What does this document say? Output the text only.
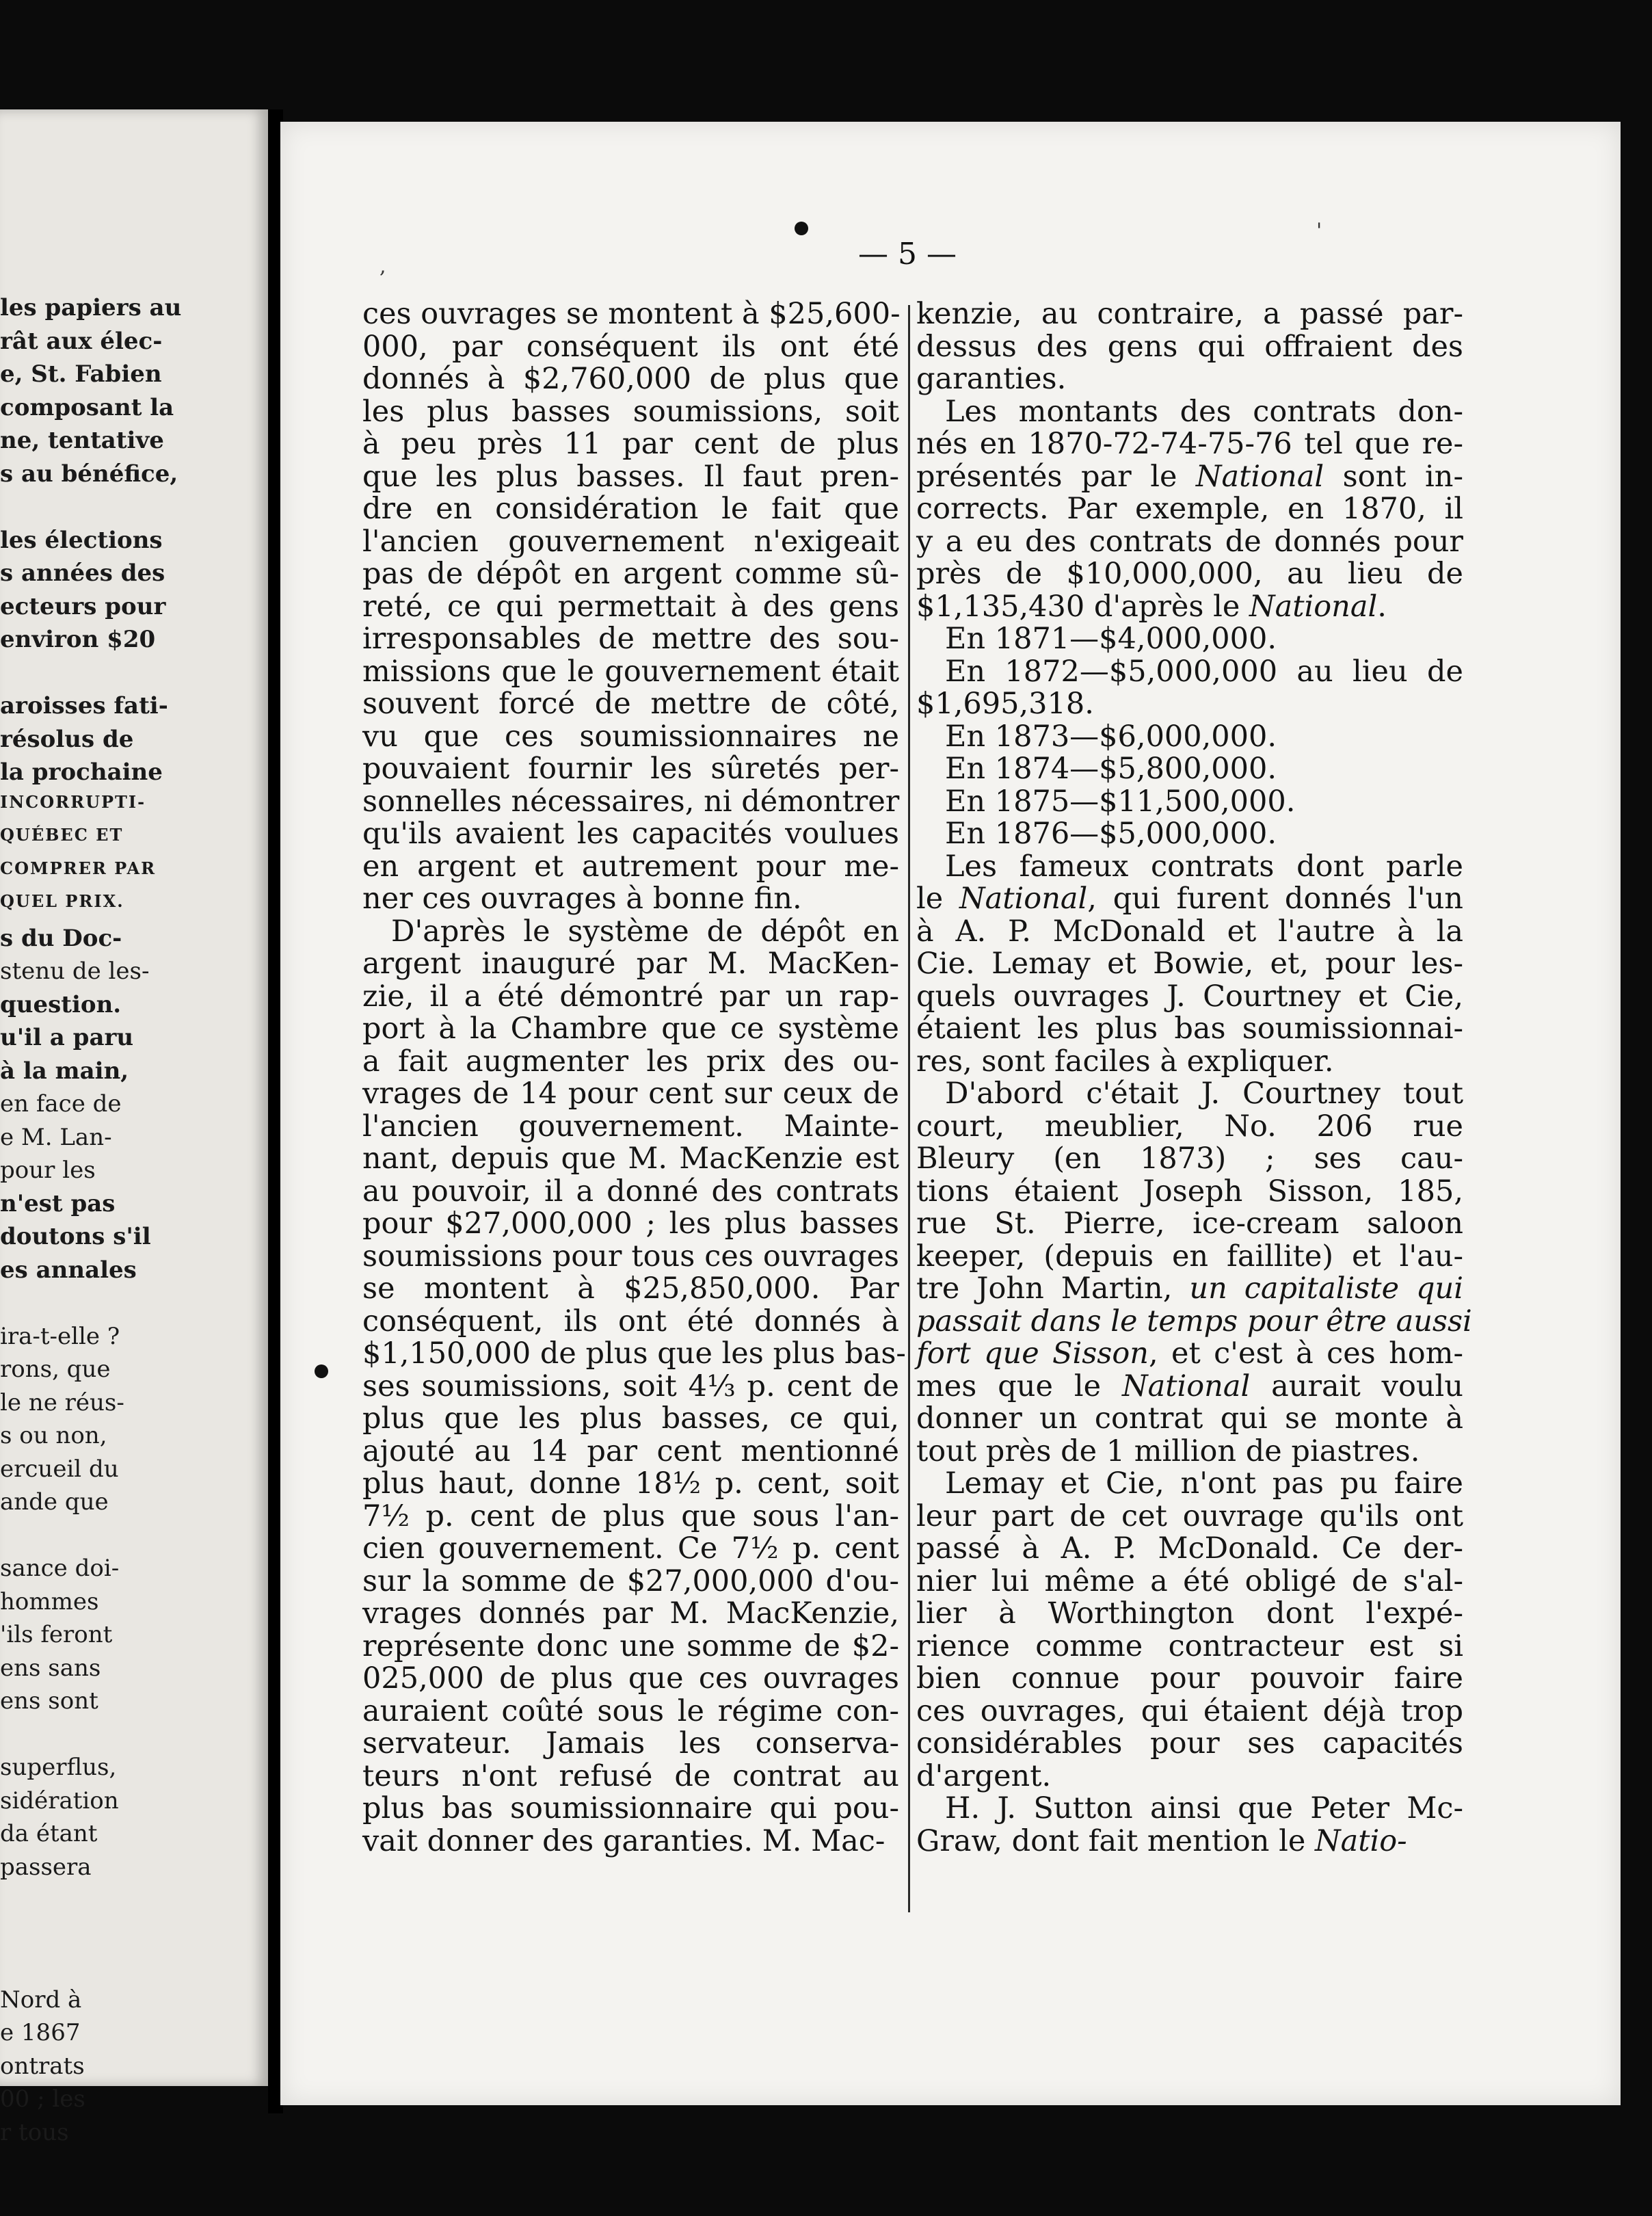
les papiers au
rât aux élec-
e, St. Fabien
composant la
ne, tentative
s au bénéfice,
les élections
s années des
ecteurs pour
environ $20
aroisses fati-
résolus de
la prochaine
INCORRUPTI-
QUÉBEC ET
COMPRER PAR
QUEL PRIX.
s du Doc-
stenu de les-
question.
u'il a paru
à la main,
en face de
e M. Lan-
pour les
n'est pas
doutons s'il
es annales
ira-t-elle ?
rons, que
le ne réus-
s ou non,
ercueil du
ande que
sance doi-
hommes
'ils feront
ens sans
ens sont
superflus,
sidération
da étant
passera
Nord à
e 1867
ontrats
00 ; les
r tous
— 5 —
'
,
ces ouvrages se montent à $25,600-
000, par conséquent ils ont été
donnés à $2,760,000 de plus que
les plus basses soumissions, soit
à peu près 11 par cent de plus
que les plus basses. Il faut pren-
dre en considération le fait que
l'ancien gouvernement n'exigeait
pas de dépôt en argent comme sû-
reté, ce qui permettait à des gens
irresponsables de mettre des sou-
missions que le gouvernement était
souvent forcé de mettre de côté,
vu que ces soumissionnaires ne
pouvaient fournir les sûretés per-
sonnelles nécessaires, ni démontrer
qu'ils avaient les capacités voulues
en argent et autrement pour me-
ner ces ouvrages à bonne fin.
D'après le système de dépôt en
argent inauguré par M. MacKen-
zie, il a été démontré par un rap-
port à la Chambre que ce système
a fait augmenter les prix des ou-
vrages de 14 pour cent sur ceux de
l'ancien gouvernement. Mainte-
nant, depuis que M. MacKenzie est
au pouvoir, il a donné des contrats
pour $27,000,000 ; les plus basses
soumissions pour tous ces ouvrages
se montent à $25,850,000. Par
conséquent, ils ont été donnés à
$1,150,000 de plus que les plus bas-
ses soumissions, soit 4⅓ p. cent de
plus que les plus basses, ce qui,
ajouté au 14 par cent mentionné
plus haut, donne 18½ p. cent, soit
7½ p. cent de plus que sous l'an-
cien gouvernement. Ce 7½ p. cent
sur la somme de $27,000,000 d'ou-
vrages donnés par M. MacKenzie,
représente donc une somme de $2-
025,000 de plus que ces ouvrages
auraient coûté sous le régime con-
servateur. Jamais les conserva-
teurs n'ont refusé de contrat au
plus bas soumissionnaire qui pou-
vait donner des garanties. M. Mac-
kenzie, au contraire, a passé par-
dessus des gens qui offraient des
garanties.
Les montants des contrats don-
nés en 1870-72-74-75-76 tel que re-
présentés par le National sont in-
corrects. Par exemple, en 1870, il
y a eu des contrats de donnés pour
près de $10,000,000, au lieu de
$1,135,430 d'après le National.
En 1871—$4,000,000.
En 1872—$5,000,000 au lieu de
$1,695,318.
En 1873—$6,000,000.
En 1874—$5,800,000.
En 1875—$11,500,000.
En 1876—$5,000,000.
Les fameux contrats dont parle
le National, qui furent donnés l'un
à A. P. McDonald et l'autre à la
Cie. Lemay et Bowie, et, pour les-
quels ouvrages J. Courtney et Cie,
étaient les plus bas soumissionnai-
res, sont faciles à expliquer.
D'abord c'était J. Courtney tout
court, meublier, No. 206 rue
Bleury (en 1873) ; ses cau-
tions étaient Joseph Sisson, 185,
rue St. Pierre, ice-cream saloon
keeper, (depuis en faillite) et l'au-
tre John Martin, un capitaliste qui
passait dans le temps pour être aussi
fort que Sisson, et c'est à ces hom-
mes que le National aurait voulu
donner un contrat qui se monte à
tout près de 1 million de piastres.
Lemay et Cie, n'ont pas pu faire
leur part de cet ouvrage qu'ils ont
passé à A. P. McDonald. Ce der-
nier lui même a été obligé de s'al-
lier à Worthington dont l'expé-
rience comme contracteur est si
bien connue pour pouvoir faire
ces ouvrages, qui étaient déjà trop
considérables pour ses capacités
d'argent.
H. J. Sutton ainsi que Peter Mc-
Graw, dont fait mention le Natio-
